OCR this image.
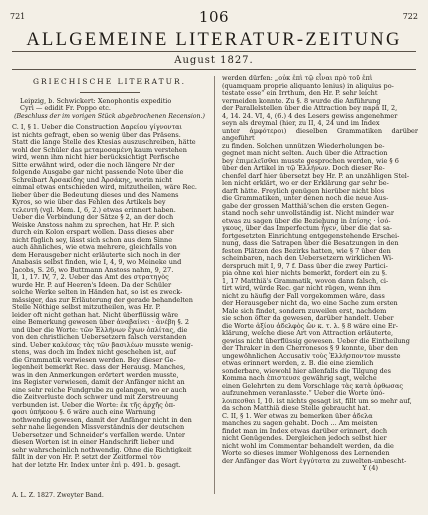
721	106	722
ALLGEMEINE LITERATUR-ZEITUNG
August 1827.
GRIECHISCHE LITERATUR.

Leipzig, b. Schwickert: Xenophontis expeditio

Cyri — edidit Fr. Poppo etc.

(Beschluss der im vorigen Stück abgebrochenen Recension.)

C. I, § 1. Ueber die Construction Δαρείου γίγνονται

ist nichts gefragt, eben so wenig über das Präsens.

Statt die lange Stelle des Ktesias auszuschreiben, hätte

wohl der Schüler das μεταμοσαμένη kaum verstehen

wird, wenn ihm nicht hier berücksichtigt Perfische

Sitte erwähnt wird, oder die noch längere Nr der

folgende Ausgabe gar nicht passende Note über die

Schreibart Ἀρσακίδης und Ἀρσάκης, worin nicht

einmal etwas entschieden wird, mitzutheilen, wäre Rec.

lieber über die Bedeutung dieses und des Namens

Kyros, so wie über das Fehlen des Artikels bey

τελευτή (vgl. Mem. I, 6, 2.) etwas erinnert haben.

Ueber die Verbindung der Sätze § 2, an der doch

Weiske Anstoss nahm zu sprechen, hat Hr. P. sich

durch ein Kolon erspart wollen. Dass dieses aber

nicht füglich sey, lässt sich schon aus dem Sinne

auch ähnliches, wie etwa mehrere, gleichfalls von

dem Herausgeber nicht erläuterte sich noch in der

Anabasis selbst finden, wie I, 4, 9, wo Meineke und

Jacobs, S. 26, wo Buttmann Anstoss nahm, 9, 27.

II, 1, 17. IV, 7, 2. Ueber das Amt des στρατηγὸς

wurde Hr. P. auf Heeren's Ideen. Da der Schüler

solche Werke selten in Händen hat, so ist es zweck-

mässiger, das zur Erläuterung der gerade behandelten

Stelle Nöthige selbst mitzutheilen, was Hr. P.

leider oft nicht gethan hat. Nicht überflüssig wäre

eine Bemerkung gewesen über ἀναβαίνει · ἀνέβη §. 2

und über die Worte: τῶν Ἑλλήνων ἔχων ὁπλίτας, die

von den christlichen Uebersetzern falsch verstanden

sind. Ueber καλέσας τὰς τῶν βασιλέων musste wenig-

stens, was doch im Index nicht geschehen ist, auf

die Grammatik verwiesen werden. Bey dieser Ge-

legenheit bemerkt Rec. dass der Herausg. Manches,

was in den Anmerkungen erörtert werden musste,

ins Register verwiesen, damit der Anfänger nicht an

eine sehr reiche Fundgrube zu gelangen, wo er auch

die Zeitverluste doch schwer und mit Zerstreuung

verbunden ist. Ueber die Worte: ἐκ τῆς ἀρχῆς ὁπ-

φοσι ὑπήκοου §. 6 wäre auch eine Warnung

nothwendig gewesen, damit der Anfänger nicht in den

sehr nahe liegenden Missverständnis der deutschen

Uebersetzer und Schneider's verfallen werde. Unter

diesen Worten ist in einer Handschrift lieber und

sehr wahrscheinlich nothwendig. Ohne die Richtigkeit

fällt in der von Hr. P. setzt der Zeitformel τὸν

hat der letzte Hr. Index unter ἐπὶ p. 491. b. gesagt.

werden dürfen: „οὐκ ἐπὶ τῷ εἶναι πρὸ τοῦ ἐπὶ

(quamquam proprie aliquanto lenius) in aliquius po-

testate esse“ ein Irrthum, den Hr. P. sehr leicht

vermeiden konnte. Zu §. 8 wurde die Anführung

der Parallelstellen über die Attraction bey παρὰ II, 2,

4, 14. 24. VI, 4, (6.) 4 des Lesers gewiss angenehmer

seyn als dreymal (hier, zu II, 4, 24 und im Index

unter ἀμφότεροι) dieselben Grammatiken darüber angeführt

zu finden. Solchen unnützen Wiederholungen be-

gegnet man nicht selten. Auch über die Attraction

bey ἐπιμελεῖσθαι musste gesprochen werden, wie § 6

über den Artikel in τῷ Ἑλλήνων. Doch dieser Re-

chenfel darf hier übersetzt bey Hr. P. an unzähligen Stel-

len nicht erklärt, wo er der Erklärung gar sehr be-

darft hätte. Freylich genügen hierüber nicht blos

die Grammatiken, unter denen noch die neue Aus-

gabe der grossen Matthiä'schen die ersten Gegen-

stand noch sehr unvollständig ist. Nicht minder war

etwas zu sagen über die Beziehung in ἐπίσης · ἰσό-

γκους, über das Imperfectum ἦγεν, über die dat sa-

fortgesetzten Einrichtung entgegenstehende Erschei-

nung, dass die Satrapen über die Besatzungen in den

festen Plätzen des Bezirks hatten, wie § 7 über den

scheinbaren, nach den Uebersetzern wirklichen Wi-

derspruch mit I, 9, 7 f. Dass über die zwey Partici-

pia ohne καὶ hier nichts bemerkt, fordert ein zu §.

1, 17 Matthiä's Grammatik, wovon dann falsch, ci-

tirt wird, würde Rec. gar nicht rügen, wenn ihm

nicht zu häufig der Fall vorgekommen wäre, dass

der Herausgeber nicht da, wo eine Sache zum ersten

Male sich findet, sondern zuweilen erst, nachdem

sie schon öfter da gewesen, darüber handelt. Ueber

die Worte ἀξίου ἀδελφὸς ὤν κ. τ. λ. § 8 wäre eine Er-

klärung, welche diese Art von Attraction erläuterte,

gewiss nicht überflüssig gewesen. Ueber die Eintheilung

der Thraker in den Cherronesos § 9 konnte, über den

ungewöhnlichen Accusativ τοὺς Ἑλλήσποντον musste

etwas erinnert werden, z. B. die eine ziemlich

sonderbare, wiewohl hier allenfalls die Tilgung des

Komma nach ἐπιστευσε gewährig sagt, welche

einen Gelehrten zu dem Vorschlage τὰς κατὰ ὀρθωσας

aufzunehmen veranlasste.“ Ueber die Worte ὑπό-

λοιπεσθαι I, 10. ist nichts gesagt ist, fillt um so mehr auf,

da schon Matthiä diese Stelle gebraucht hat.

C. II, § 1. Wer etwas zu bemerken über ἀδελα

manches zu sagen gehabt. Doch ... Am meisten

findet man im Index etwas darüber erinnert, doch

nicht Genügendes. Dergleichen jedoch selbst hier

nicht wohl im Commentar behandelt werden, da die

Worte so dieses immer Wohlgenoss des Lernenden

der Anfänger das Wort ἐγγύτατα zu zuwelten-unbescht-

Y (4)

A. L. Z. 1827. Zweyter Band.
